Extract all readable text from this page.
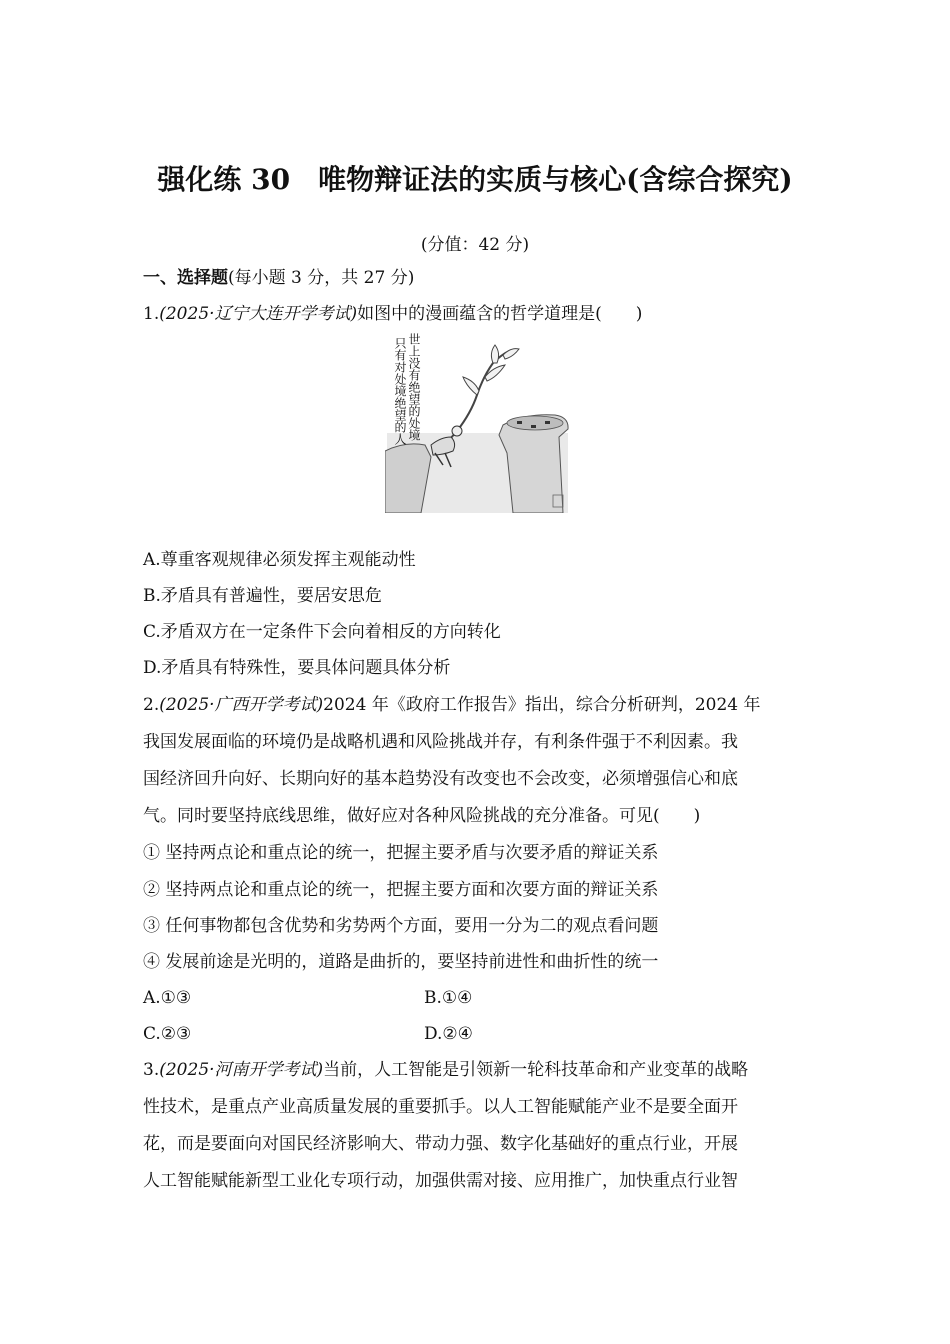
强化练 30　唯物辩证法的实质与核心(含综合探究)
(分值：42 分)
一、选择题(每小题 3 分，共 27 分)
1.(2025·辽宁大连开学考试)如图中的漫画蕴含的哲学道理是(　　)
世上没有绝望的处境
只有对处境绝望的人
A.尊重客观规律必须发挥主观能动性
B.矛盾具有普遍性，要居安思危
C.矛盾双方在一定条件下会向着相反的方向转化
D.矛盾具有特殊性，要具体问题具体分析
2.(2025·广西开学考试)2024 年《政府工作报告》指出，综合分析研判，2024 年
我国发展面临的环境仍是战略机遇和风险挑战并存，有利条件强于不利因素。我
国经济回升向好、长期向好的基本趋势没有改变也不会改变，必须增强信心和底
气。同时要坚持底线思维，做好应对各种风险挑战的充分准备。可见(　　)
① 坚持两点论和重点论的统一，把握主要矛盾与次要矛盾的辩证关系
② 坚持两点论和重点论的统一，把握主要方面和次要方面的辩证关系
③ 任何事物都包含优势和劣势两个方面，要用一分为二的观点看问题
④ 发展前途是光明的，道路是曲折的，要坚持前进性和曲折性的统一
A.①③	B.①④
C.②③	D.②④
3.(2025·河南开学考试)当前，人工智能是引领新一轮科技革命和产业变革的战略
性技术，是重点产业高质量发展的重要抓手。以人工智能赋能产业不是要全面开
花，而是要面向对国民经济影响大、带动力强、数字化基础好的重点行业，开展
人工智能赋能新型工业化专项行动，加强供需对接、应用推广，加快重点行业智
